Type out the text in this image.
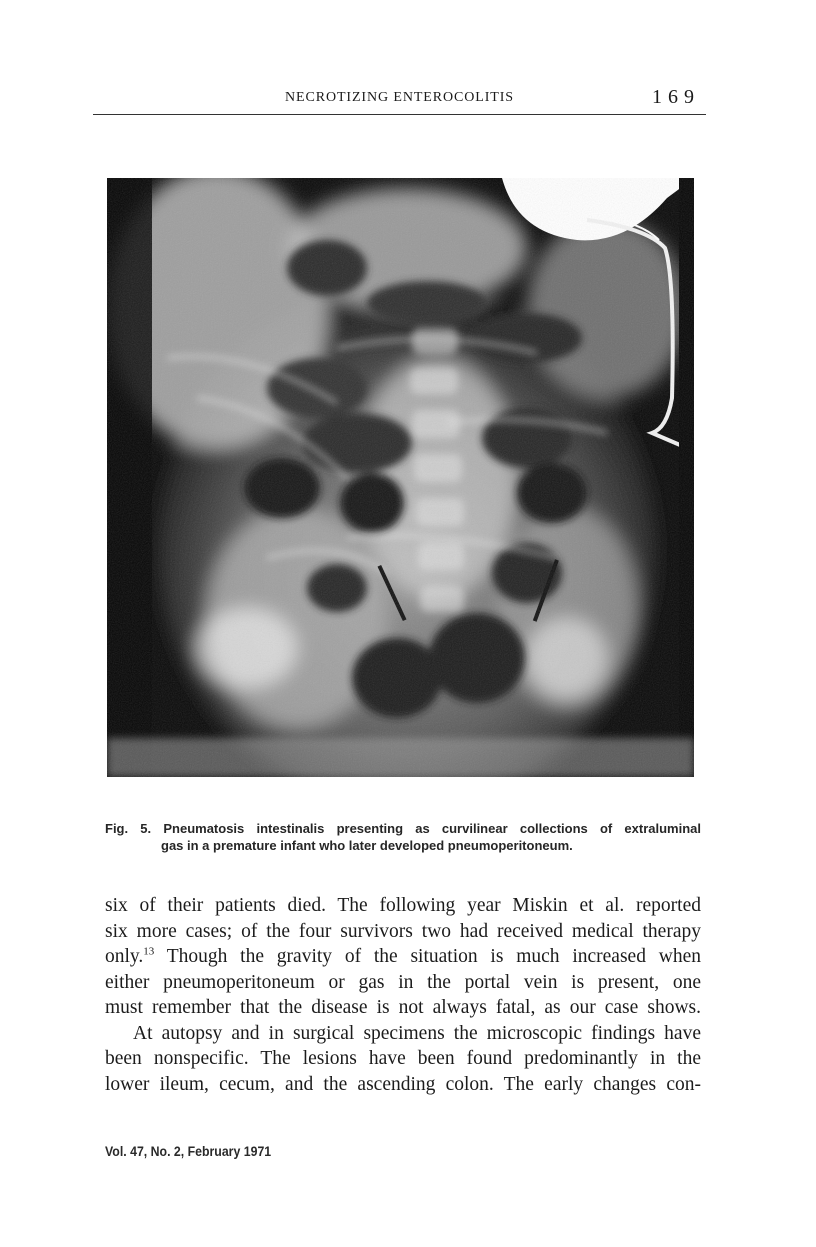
NECROTIZING ENTEROCOLITIS	169
Fig. 5. Pneumatosis intestinalis presenting as curvilinear collections of extraluminal
gas in a premature infant who later developed pneumoperitoneum.
six of their patients died. The following year Miskin et al. reported
six more cases; of the four survivors two had received medical therapy
only.$^{13}$ Though the gravity of the situation is much increased when
either pneumoperitoneum or gas in the portal vein is present, one
must remember that the disease is not always fatal, as our case shows.
At autopsy and in surgical specimens the microscopic findings have
been nonspecific. The lesions have been found predominantly in the
lower ileum, cecum, and the ascending colon. The early changes con-
Vol. 47, No. 2, February 1971
